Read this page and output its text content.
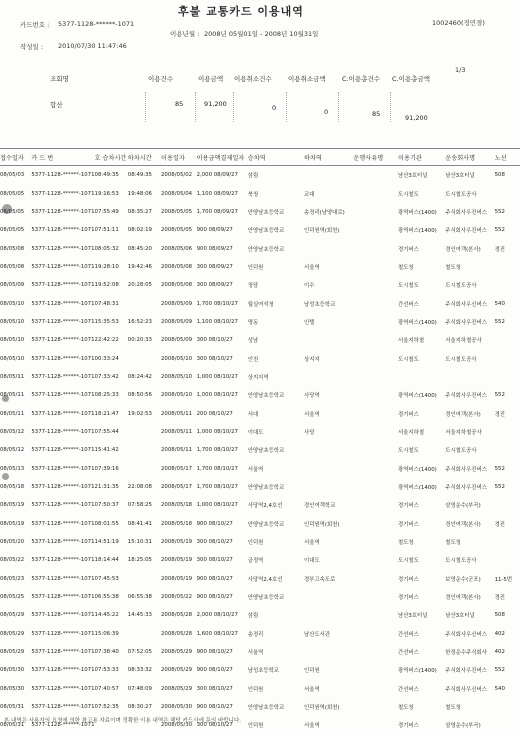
후불 교통카드 이용내역
카드번호 : 5377-1128-******-1071
작성일 : 2010/07/30 11:47:46
이용년월 : 2008년 05월01일 - 2008년 10월31일
1002460(정민경)
1/3
조회명	이용건수	이용금액 이용취소건수	이용취소금액	C.이용총건수 C.이용총금액
합산	85	91,200	0	0	85	91,200
접수일자	카 드 번	호 승차시간	하차시간	이용일자	이용금액결제일자	승차역	하차역	운행사유명	이용기관	운송회사명	노선
08/05/03	5377-1128-******-1071	08:49:35	08:49:35	2008/05/02	2,000 08/09/27	삼림			남산3호터널	남산3호터널	508
08/05/05	5377-1128-******-1071	19:16:53	19:48:06	2008/05/04	1,100 08/09/27	북청	교대		도시철도	도시철도공사	
08/05/05	5377-1128-******-1071	07:55:49	08:35:27	2008/05/05	1,700 08/09/27	안양남초등학교	송정리(남양대로)		광역버스(1400)	주식회사우진버스	552
08/05/05	5377-1128-******-1071	07:51:11	08:02:19	2008/05/05	900 08/09/27	안양남초등학교	인덕원역(회천)		광역버스(1400)	주식회사우진버스	552
08/05/08	5377-1128-******-1071	08:05:32	08:45:20	2008/05/06	900 08/09/27	안양남초등학교			경기버스	경인여객(본사)	경진
08/05/08	5377-1128-******-1071	19:28:10	19:42:46	2008/05/08	300 08/09/27	인덕원	서울역		철도청	철도청	
08/05/09	5377-1128-******-1071	19:52:08	20:28:05	2008/05/08	300 08/09/27	청담	이수		도시철도	도시철도공사	
08/05/10	5377-1128-******-1071	07:48:31		2008/05/09	1,700 08/10/27	월실여석청	남성초등학교		간선버스	주식회사우신버스	540
08/05/10	5377-1128-******-1071	15:35:53	16:52:23	2008/05/09	1,100 08/10/27	명동	인텔		광역버스(1400)	주식회사우진버스	552
08/05/10	5377-1128-******-1071	22:42:22	00:20:33	2008/05/09	300 08/10/27	성남			서울지하철	서울지하철공사	
08/05/10	5377-1128-******-1071	00:33:24		2008/05/10	300 08/10/27	인천	상지지		도시철도	도시철도공사	
08/05/11	5377-1128-******-1071	07:33:42	08:24:42	2008/05/10	1,000 08/10/27	상지지역					
08/05/11	5377-1128-******-1071	08:25:33	08:50:56	2008/05/10	1,000 08/10/27	안양남초등학교	사당역		광역버스(1400)	주식회사우진버스	552
08/05/11	5377-1128-******-1071	18:21:47	19:02:53	2008/05/11	200 08/10/27	서대	서울역		경기버스	경인여객(본사)	경진
08/05/12	5377-1128-******-1071	07:55:44		2008/05/11	1,000 08/10/27	이대도	사당		서울지하철	서울지하철공사	
08/05/12	5377-1128-******-1071	15:41:42		2008/05/11	1,700 08/10/27	안양남초등학교			도시철도	도시철도공사	
08/05/13	5377-1128-******-1071	07:39:16		2008/05/17	1,700 08/10/27	서울역			광역버스(1400)	주식회사우진버스	552
08/05/18	5377-1128-******-1071	21:31:35	22:08:08	2008/05/17	1,700 08/10/27	안양남초등학교			광역버스(1400)	주식회사우진버스	552
08/05/19	5377-1128-******-1071	07:50:37	07:58:25	2008/05/18	1,000 08/10/27	사당역2,4호선	경인여객학교		경기버스	삼영운수(부곡)	
08/05/19	5377-1128-******-1071	08:01:55	08:41:41	2008/05/18	900 08/10/27	안양남초등학교	인덕원역(회천)		경기버스	경인여객(본사)	경진
08/05/20	5377-1128-******-1071	14:51:19	15:10:31	2008/05/19	300 08/10/27	인덕원	서울역		철도청	철도청	
08/05/22	5377-1128-******-1071	18:14:44	18:25:05	2008/05/19	300 08/10/27	금정역	이대도		도시철도	도시철도공사	
08/05/23	5377-1128-******-1071	07:45:53		2008/05/19	900 08/10/27	사당역2,4호선	경부고속도로		경기버스	보영운수(군포)	11-5번
08/05/25	5377-1128-******-1071	06:55:38	06:55:38	2008/05/22	900 08/10/27	안양남초등학교			경기버스	경인여객(본사)	경진
08/05/29	5377-1128-******-1071	14:45:22	14:45:33	2008/05/28	2,000 08/10/27	삼림			남산3호터널	남산3호터널	508
08/05/29	5377-1128-******-1071	15:06:39		2008/05/28	1,600 08/10/27	송정리	남산도서관		간선버스	주식회사우신버스	402
08/05/29	5377-1128-******-1071	07:38:40	07:52:05	2008/05/29	900 08/10/27	서울역			간선버스	한정운수주식회사	402
08/05/30	5377-1128-******-1071	07:53:33	08:33:32	2008/05/29	900 08/10/27	남성초등학교	인덕원		광역버스(1400)	주식회사우진버스	552
08/05/30	5377-1128-******-1071	07:40:57	07:48:09	2008/05/29	300 08/10/27	인덕원	서울역		간선버스	주식회사우신버스	540
08/05/31	5377-1128-******-1071	07:52:35	08:30:27	2008/05/30	900 08/10/27	안양남초등학교	인덕원역(회천)		철도청	철도청	
08/05/31	5377-1128-******-1071			2008/05/30	300 08/10/27	인덕원	서울역		경기버스	삼영운수(부곡)	
본 내역은 사용자의 요청에 의한 참고용 자료이며 정확한 이용 내역은 해당 카드사에 문의 바랍니다.
